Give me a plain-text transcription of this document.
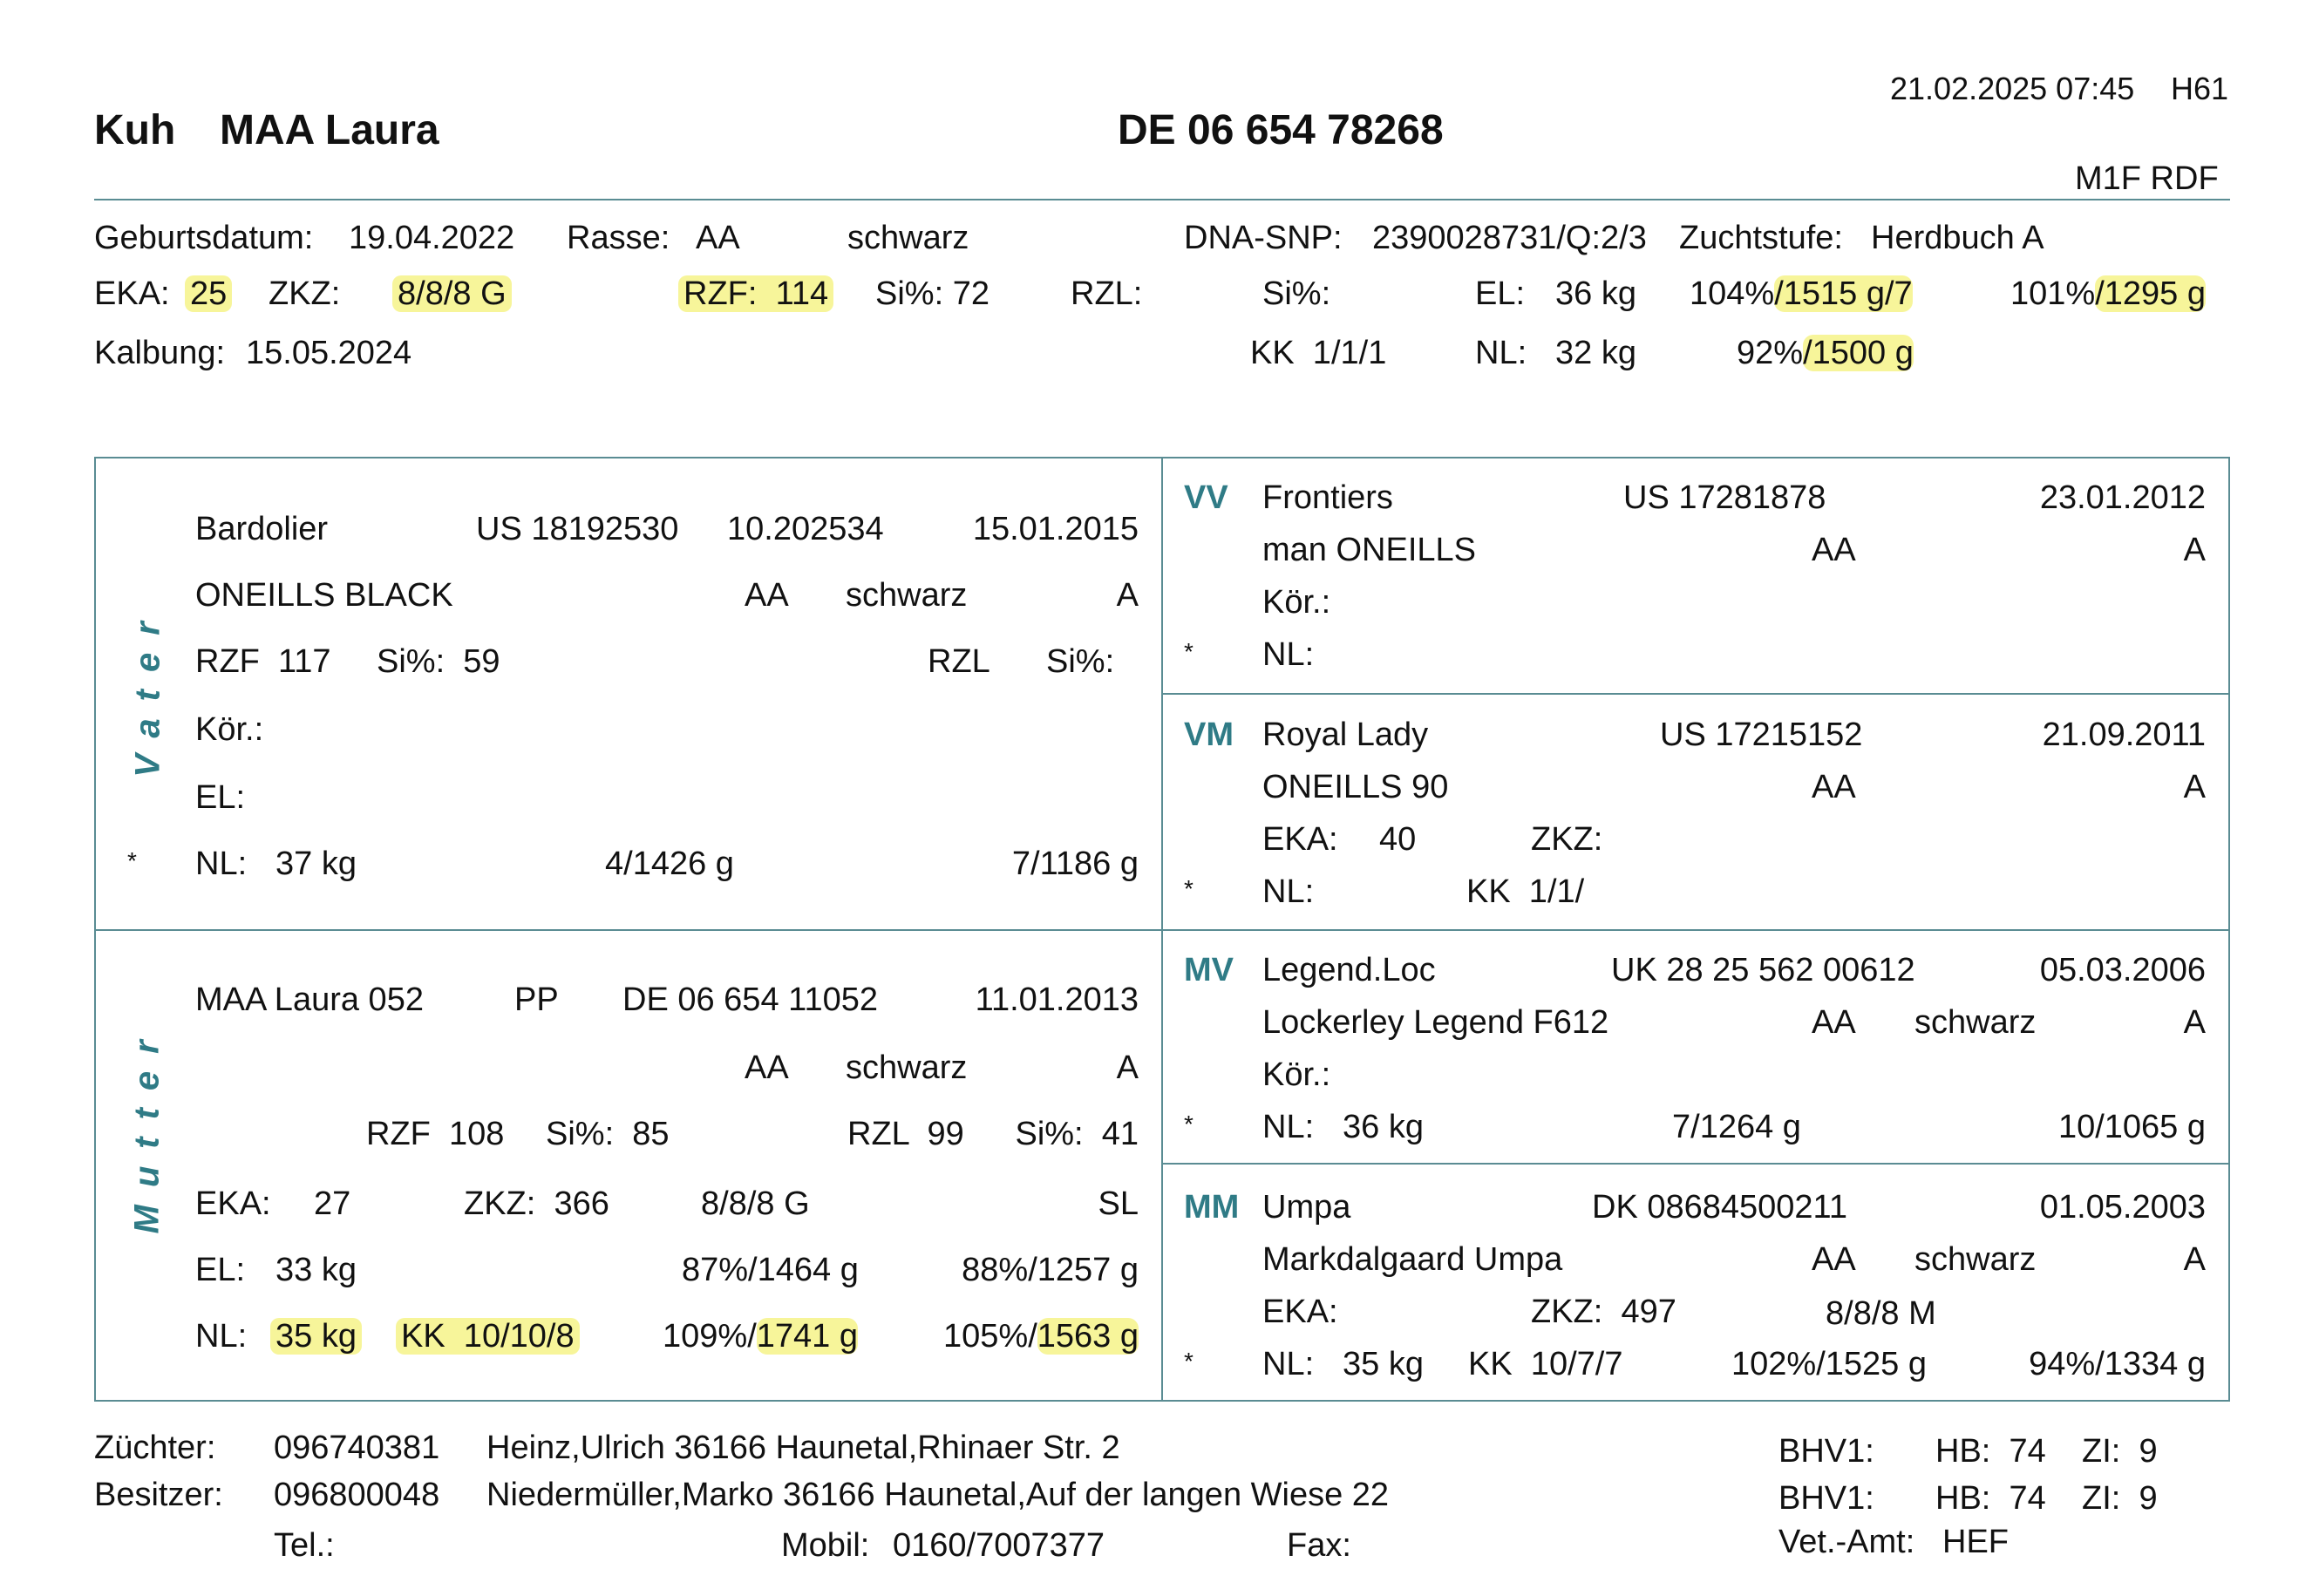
21.02.2025 07:45 H61
Kuh MAA Laura	DE 06 654 78268
M1F RDF
Geburtsdatum: 19.04.2022 Rasse: AA	schwarz	DNA-SNP: 2390028731/Q:2/3 Zuchtstufe: Herdbuch A
EKA: 25 ZKZ: 8/8/8 G	RZF: 114 Si%: 72 RZL:	Si%:	EL: 36 kg 104%/1515 g/7	101%/1295 g
Kalbung: 15.05.2024	KK  1/1/1	NL: 32 kg	92%/1500 g
Vater
Bardolier	US 18192530 10.202534	15.01.2015
ONEILLS BLACK	AA schwarz	A
RZF  117 Si%:  59	RZL Si%:
Kör.:
EL:
* NL: 37 kg	4/1426 g	7/1186 g
Mutter
MAA Laura 052	PP DE 06 654 11052	11.01.2013
AA schwarz	A
RZF  108 Si%:  85	RZL  99	Si%:  41
EKA: 27	ZKZ:  366	8/8/8 G	SL
EL: 33 kg	87%/1464 g	88%/1257 g
NL: 35 kg KK  10/10/8	109%/1741 g	105%/1563 g
VV Frontiers	US 17281878	23.01.2012
man ONEILLS	AA	A
Kör.:
* NL:
VM Royal Lady	US 17215152	21.09.2011
ONEILLS 90	AA	A
EKA: 40	ZKZ:
* NL:	KK  1/1/
MV Legend.Loc	UK 28 25 562 00612	05.03.2006
Lockerley Legend F612	AA schwarz	A
Kör.:
* NL: 36 kg	7/1264 g	10/1065 g
MM Umpa	DK 08684500211	01.05.2003
Markdalgaard Umpa	AA schwarz	A
EKA:	ZKZ:  497	8/8/8 M
* NL: 35 kg KK  10/7/7	102%/1525 g	94%/1334 g
Züchter: 096740381 Heinz,Ulrich 36166 Haunetal,Rhinaer Str. 2
Besitzer: 096800048 Niedermüller,Marko 36166 Haunetal,Auf der langen Wiese 22
Tel.:	Mobil: 0160/7007377	Fax:
BHV1: HB:  74 ZI:  9
BHV1: HB:  74 ZI:  9
Vet.-Amt: HEF
